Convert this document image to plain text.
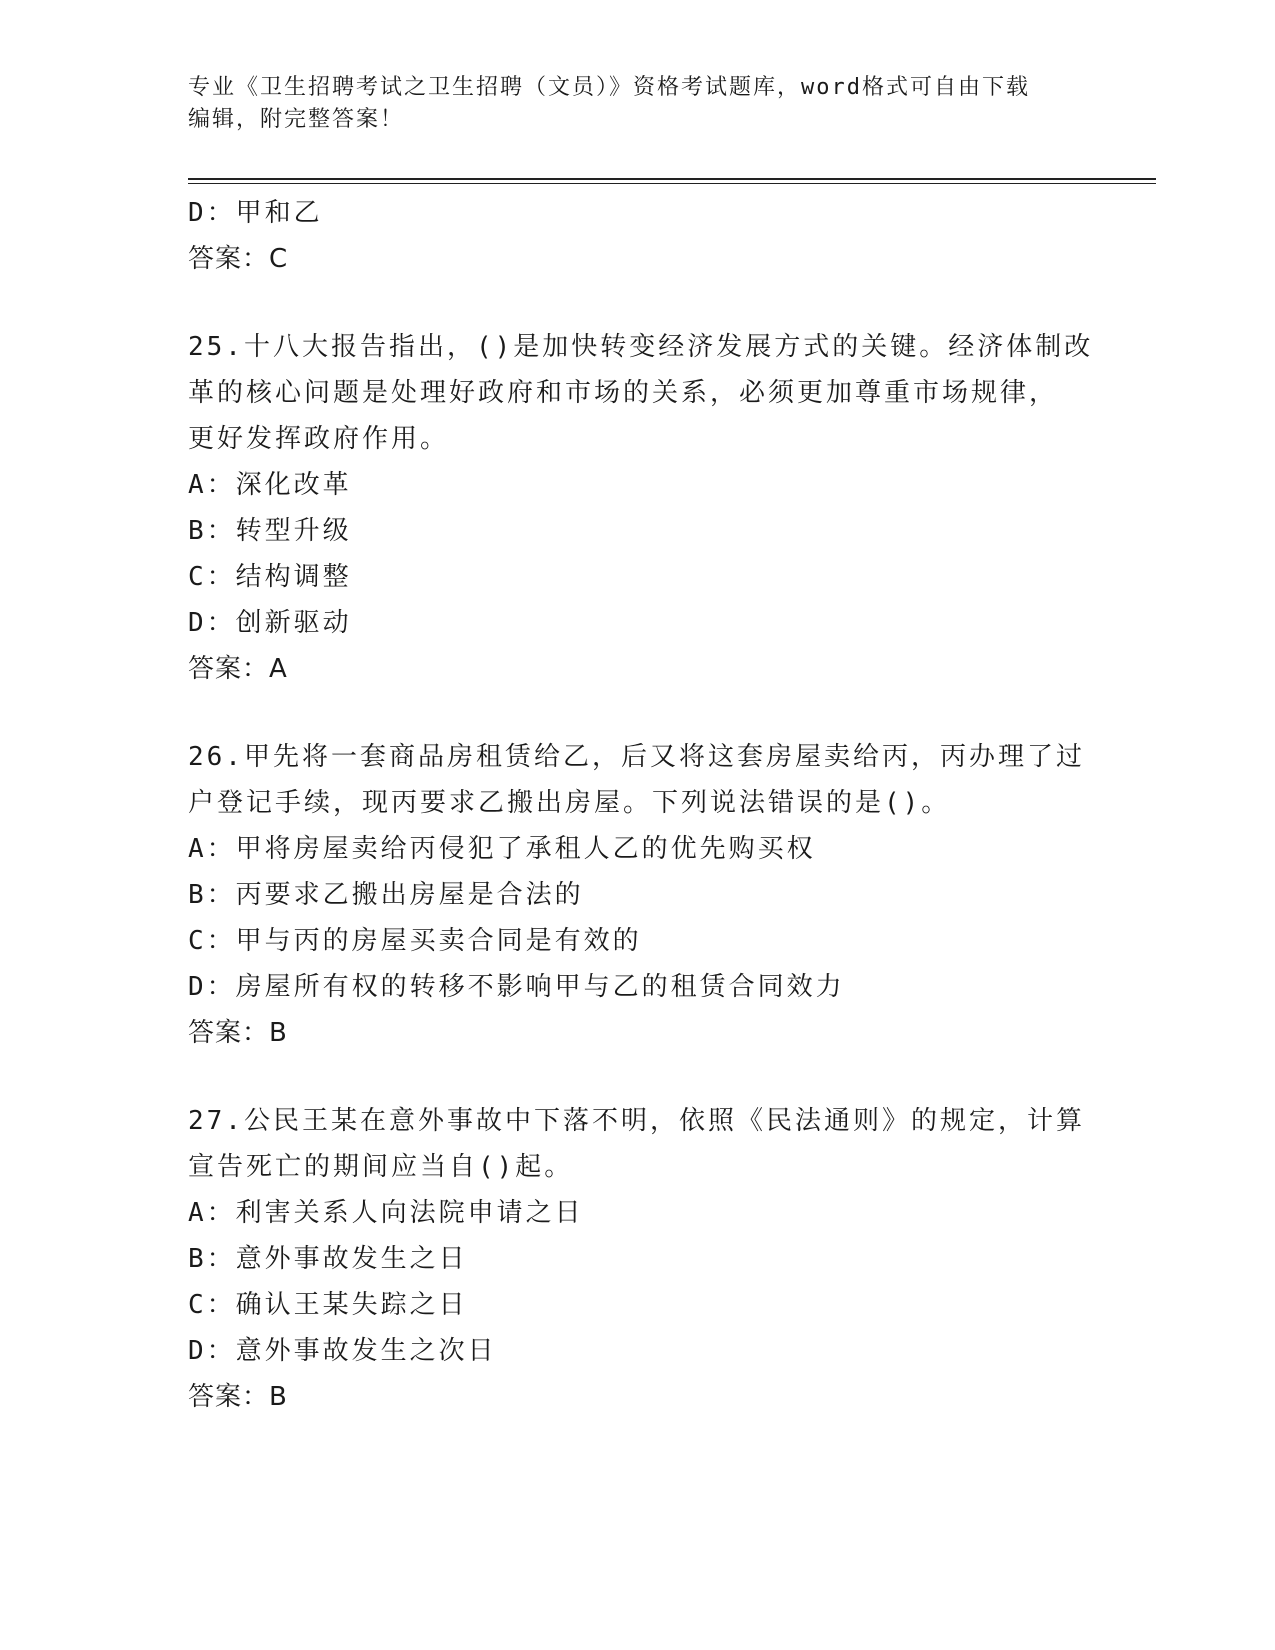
专业《卫生招聘考试之卫生招聘（文员）》资格考试题库，word格式可自由下载
编辑，附完整答案！
D：甲和乙
答案：C
25.十八大报告指出，()是加快转变经济发展方式的关键。经济体制改
革的核心问题是处理好政府和市场的关系，必须更加尊重市场规律，
更好发挥政府作用。
A：深化改革
B：转型升级
C：结构调整
D：创新驱动
答案：A
26.甲先将一套商品房租赁给乙，后又将这套房屋卖给丙，丙办理了过
户登记手续，现丙要求乙搬出房屋。下列说法错误的是()。
A：甲将房屋卖给丙侵犯了承租人乙的优先购买权
B：丙要求乙搬出房屋是合法的
C：甲与丙的房屋买卖合同是有效的
D：房屋所有权的转移不影响甲与乙的租赁合同效力
答案：B
27.公民王某在意外事故中下落不明，依照《民法通则》的规定，计算
宣告死亡的期间应当自()起。
A：利害关系人向法院申请之日
B：意外事故发生之日
C：确认王某失踪之日
D：意外事故发生之次日
答案：B
